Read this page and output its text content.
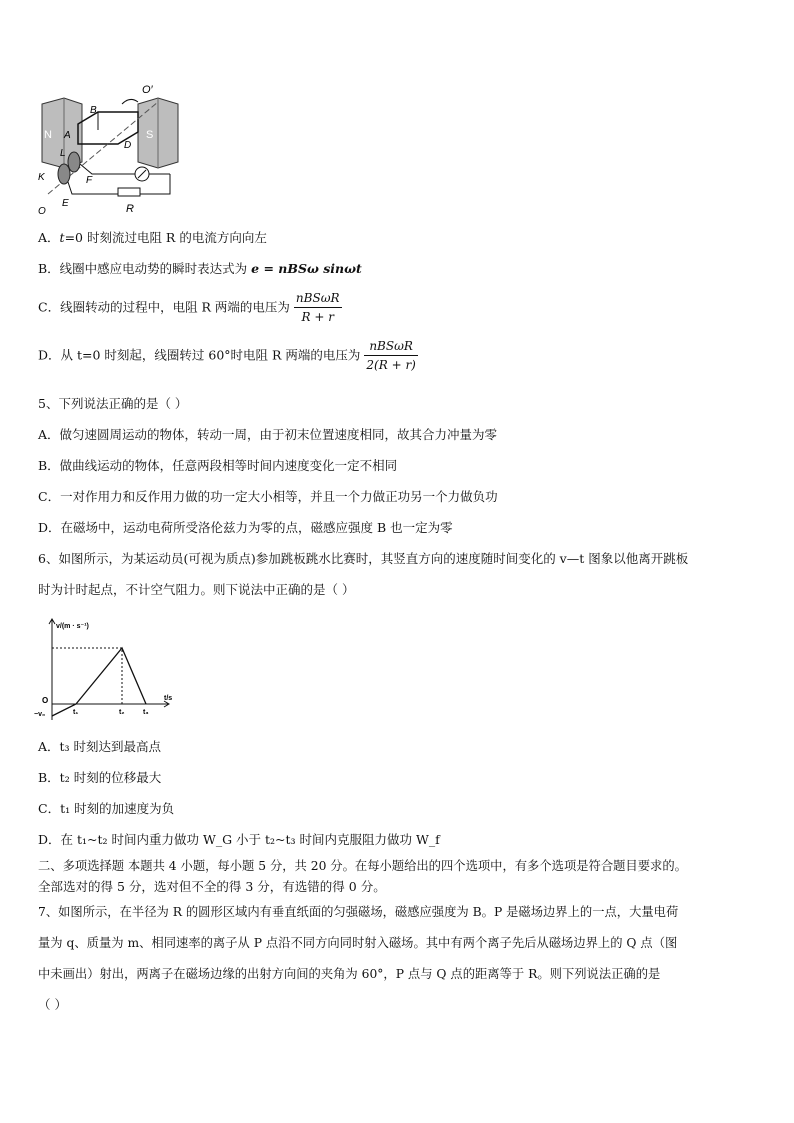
O′
B
N	S
A
D
L
K	F
O
E	R
A．t=0 时刻流过电阻 R 的电流方向向左
B．线圈中感应电动势的瞬时表达式为 e = nBSω sinωt
C．线圈转动的过程中，电阻 R 两端的电压为 $\frac{\text{nBSωR}}{R + r}$
D．从 t=0 时刻起，线圈转过 60°时电阻 R 两端的电压为 $\frac{\text{nBSωR}}{2(R + r)}$
5、下列说法正确的是（ ）
A．做匀速圆周运动的物体，转动一周，由于初末位置速度相同，故其合力冲量为零
B．做曲线运动的物体，任意两段相等时间内速度变化一定不相同
C．一对作用力和反作用力做的功一定大小相等，并且一个力做正功另一个力做负功
D．在磁场中，运动电荷所受洛伦兹力为零的点，磁感应强度 B 也一定为零
6、如图所示，为某运动员(可视为质点)参加跳板跳水比赛时，其竖直方向的速度随时间变化的 v—t 图象以他离开跳板
时为计时起点，不计空气阻力。则下说法中正确的是（ ）
v/(m · s⁻¹)
t/s
O
−v₀	t₁	t₂	t₃
A．t₃ 时刻达到最高点
B．t₂ 时刻的位移最大
C．t₁ 时刻的加速度为负
D．在 t₁~t₂ 时间内重力做功 W_G 小于 t₂~t₃ 时间内克服阻力做功 W_f
二、多项选择题 本题共 4 小题，每小题 5 分，共 20 分。在每小题给出的四个选项中，有多个选项是符合题目要求的。
全部选对的得 5 分，选对但不全的得 3 分，有选错的得 0 分。
7、如图所示，在半径为 R 的圆形区域内有垂直纸面的匀强磁场，磁感应强度为 B。P 是磁场边界上的一点，大量电荷
量为 q、质量为 m、相同速率的离子从 P 点沿不同方向同时射入磁场。其中有两个离子先后从磁场边界上的 Q 点（图
中未画出）射出，两离子在磁场边缘的出射方向间的夹角为 60°，P 点与 Q 点的距离等于 R。则下列说法正确的是
（ ）
